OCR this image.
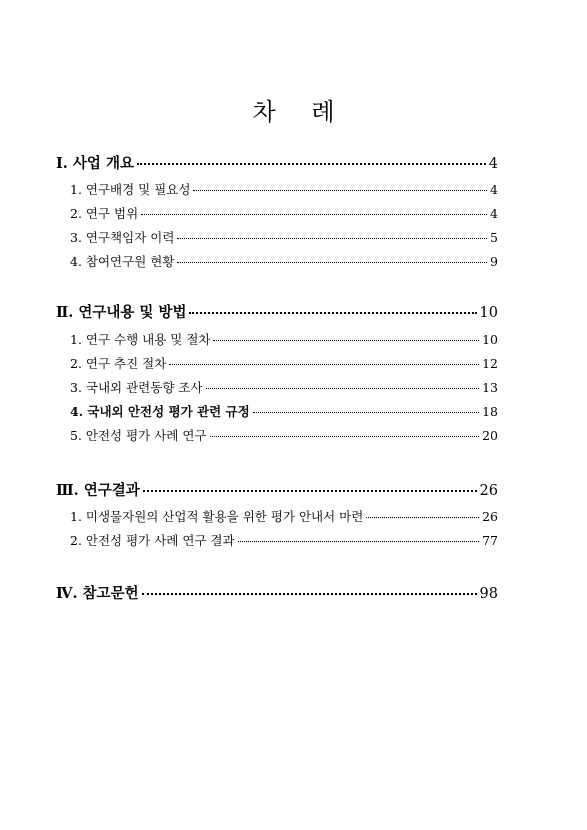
차 례
Ⅰ. 사업 개요	4
1. 연구배경 및 필요성	4
2. 연구 범위	4
3. 연구책임자 이력	5
4. 참여연구원 현황	9
Ⅱ. 연구내용 및 방법	10
1. 연구 수행 내용 및 절차	10
2. 연구 추진 절차	12
3. 국내외 관련동향 조사	13
4. 국내외 안전성 평가 관련 규정	18
5. 안전성 평가 사례 연구	20
Ⅲ. 연구결과	26
1. 미생물자원의 산업적 활용을 위한 평가 안내서 마련	26
2. 안전성 평가 사례 연구 결과	77
Ⅳ. 참고문헌	98
